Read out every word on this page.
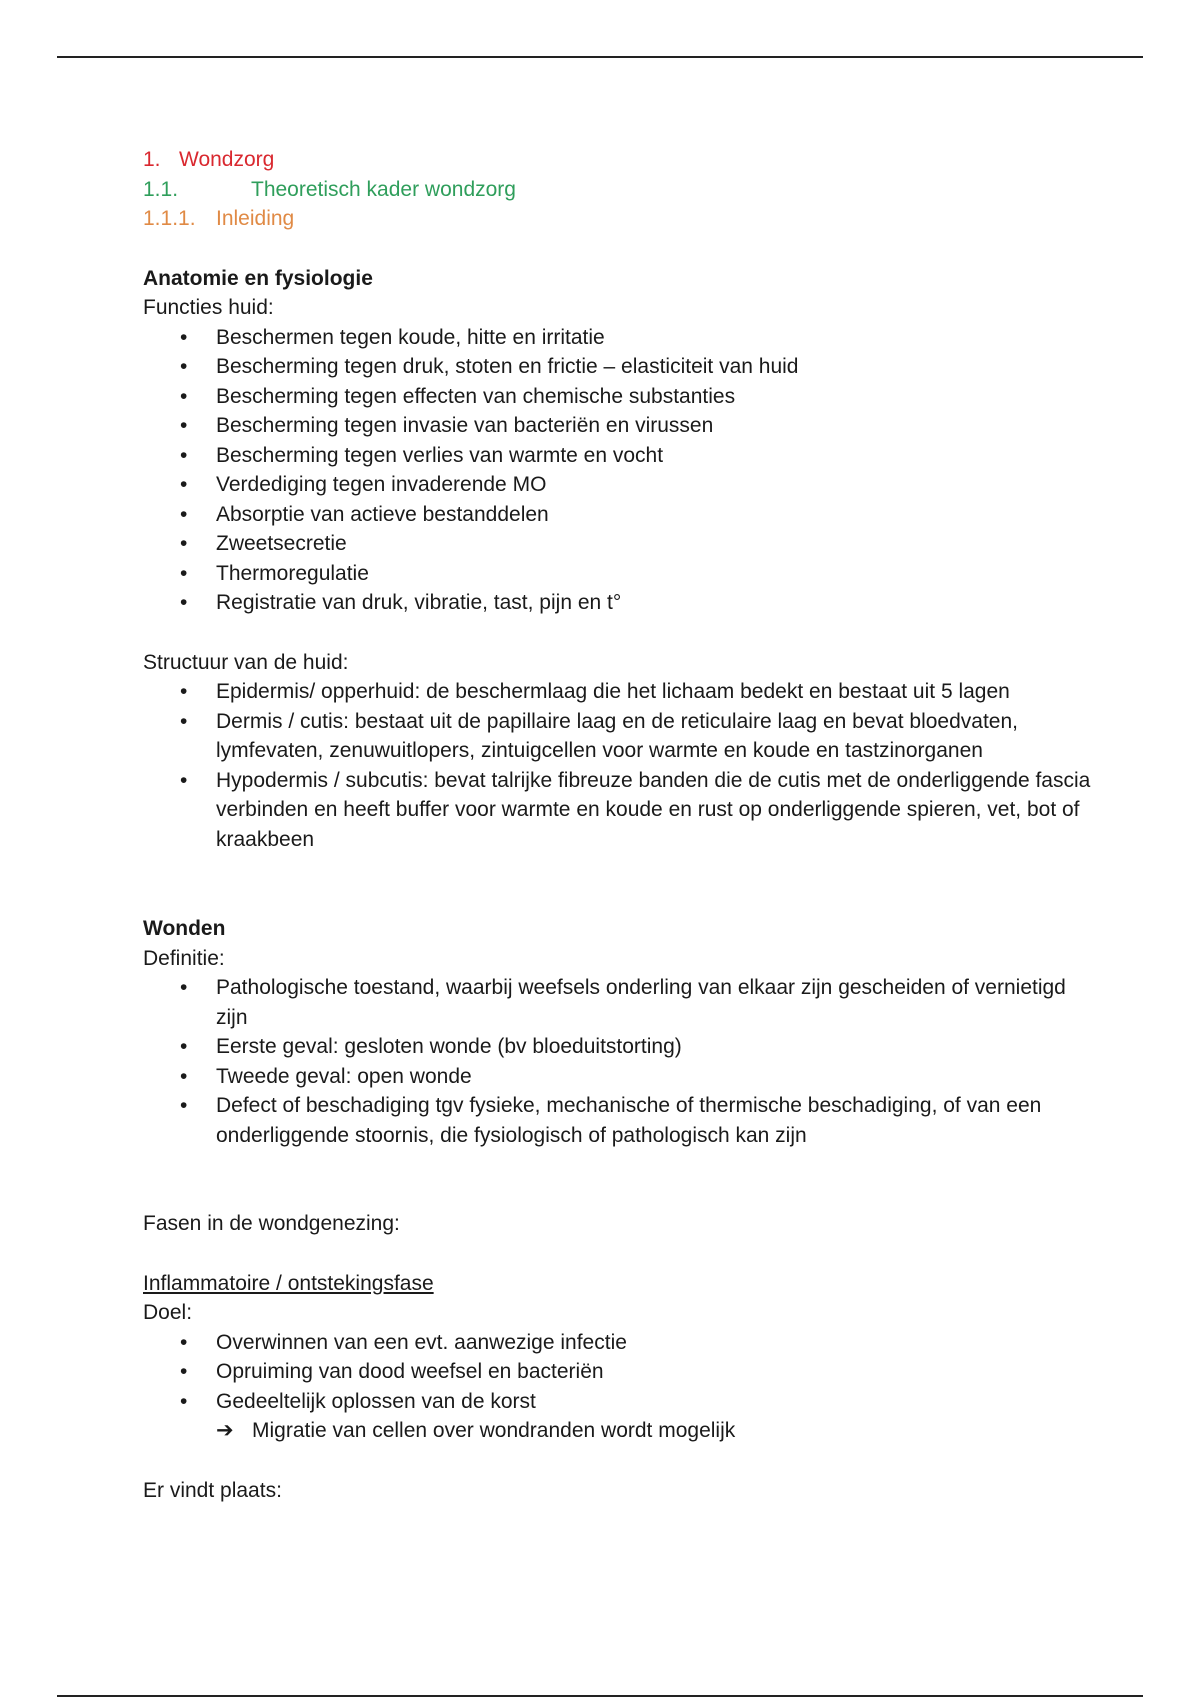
1. Wondzorg
1.1.	Theoretisch kader wondzorg
1.1.1. Inleiding
Anatomie en fysiologie
Functies huid:
• Beschermen tegen koude, hitte en irritatie
• Bescherming tegen druk, stoten en frictie – elasticiteit van huid
• Bescherming tegen effecten van chemische substanties
• Bescherming tegen invasie van bacteriën en virussen
• Bescherming tegen verlies van warmte en vocht
• Verdediging tegen invaderende MO
• Absorptie van actieve bestanddelen
• Zweetsecretie
• Thermoregulatie
• Registratie van druk, vibratie, tast, pijn en t°
Structuur van de huid:
• Epidermis/ opperhuid: de beschermlaag die het lichaam bedekt en bestaat uit 5 lagen
• Dermis / cutis: bestaat uit de papillaire laag en de reticulaire laag en bevat bloedvaten, lymfevaten, zenuwuitlopers, zintuigcellen voor warmte en koude en tastzinorganen
• Hypodermis / subcutis: bevat talrijke fibreuze banden die de cutis met de onderliggende fascia verbinden en heeft buffer voor warmte en koude en rust op onderliggende spieren, vet, bot of kraakbeen
Wonden
Definitie:
• Pathologische toestand, waarbij weefsels onderling van elkaar zijn gescheiden of vernietigd zijn
• Eerste geval: gesloten wonde (bv bloeduitstorting)
• Tweede geval: open wonde
• Defect of beschadiging tgv fysieke, mechanische of thermische beschadiging, of van een onderliggende stoornis, die fysiologisch of pathologisch kan zijn
Fasen in de wondgenezing:
Inflammatoire / ontstekingsfase
Doel:
• Overwinnen van een evt. aanwezige infectie
• Opruiming van dood weefsel en bacteriën
• Gedeeltelijk oplossen van de korst
➔ Migratie van cellen over wondranden wordt mogelijk
Er vindt plaats:
